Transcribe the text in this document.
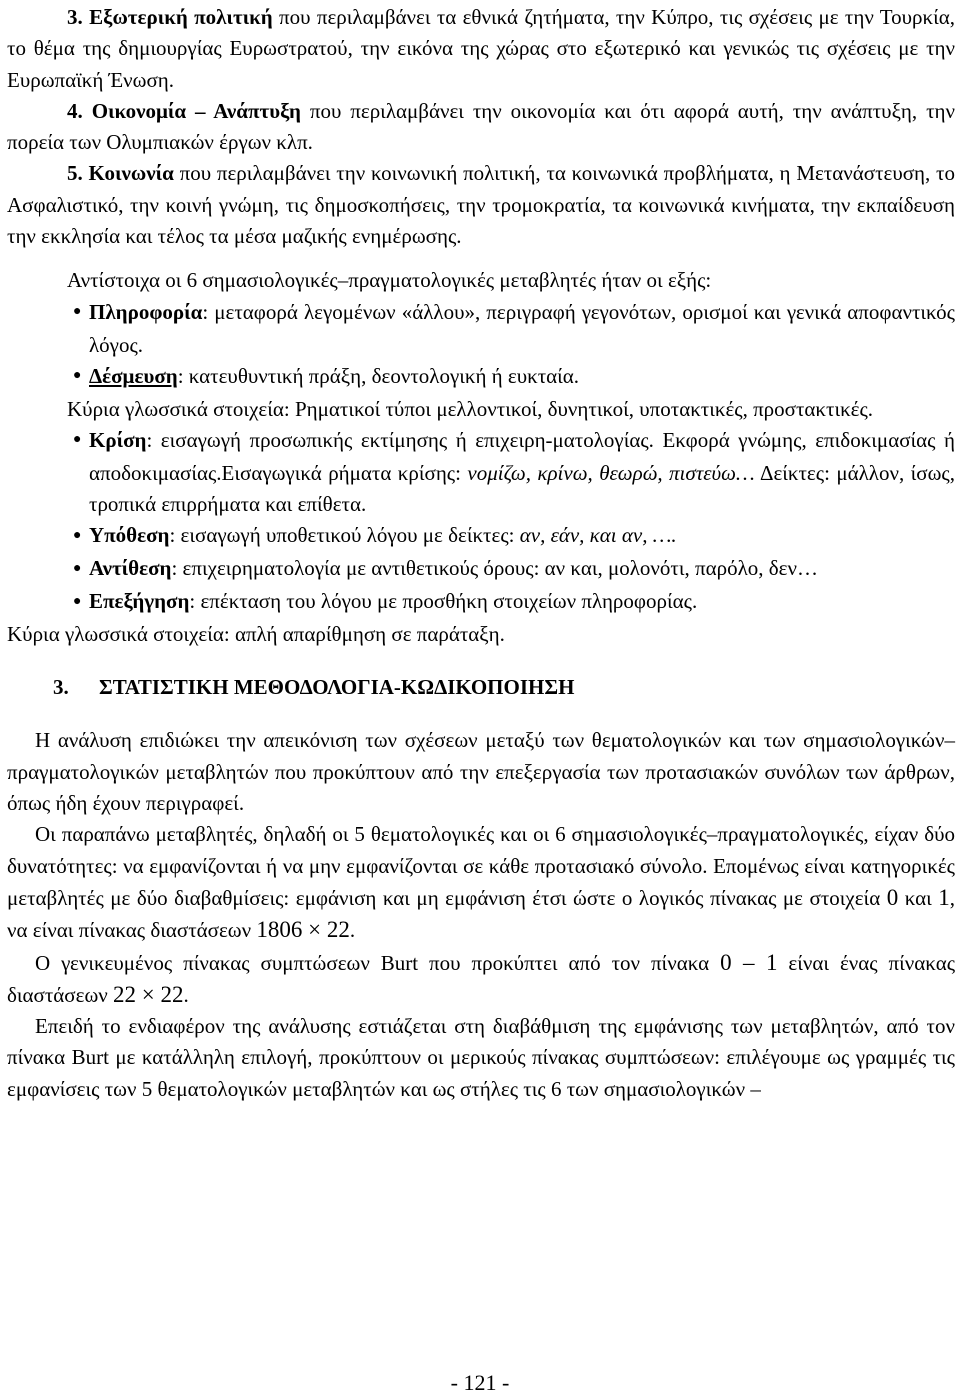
3. Εξωτερική πολιτική που περιλαμβάνει τα εθνικά ζητήματα, την Κύπρο, τις σχέσεις με την Τουρκία, το θέμα της δημιουργίας Ευρωστρατού, την εικόνα της χώρας στο εξωτερικό και γενικώς τις σχέσεις με την Ευρωπαϊκή Ένωση.

4. Οικονομία – Ανάπτυξη που περιλαμβάνει την οικονομία και ότι αφορά αυτή, την ανάπτυξη, την πορεία των Ολυμπιακών έργων κλπ.

5. Κοινωνία που περιλαμβάνει την κοινωνική πολιτική, τα κοινωνικά προβλήματα, η Μετανάστευση, το Ασφαλιστικό, την κοινή γνώμη, τις δημοσκοπήσεις, την τρομοκρατία, τα κοινωνικά κινήματα, την εκπαίδευση την εκκλησία και τέλος τα μέσα μαζικής ενημέρωσης.

Αντίστοιχα οι 6 σημασιολογικές–πραγματολογικές μεταβλητές ήταν οι εξής:

● Πληροφορία: μεταφορά λεγομένων «άλλου», περιγραφή γεγονότων, ορισμοί και γενικά αποφαντικός λόγος.

● Δέσμευση: κατευθυντική πράξη, δεοντολογική ή ευκταία.

Κύρια γλωσσικά στοιχεία: Ρηματικοί τύποι μελλοντικοί, δυνητικοί, υποτακτικές, προστακτικές.

● Κρίση: εισαγωγή προσωπικής εκτίμησης ή επιχειρη-ματολογίας. Εκφορά γνώμης, επιδοκιμασίας ή αποδοκιμασίας.Εισαγωγικά ρήματα κρίσης: νομίζω, κρίνω, θεωρώ, πιστεύω… Δείκτες: μάλλον, ίσως, τροπικά επιρρήματα και επίθετα.

● Υπόθεση: εισαγωγή υποθετικού λόγου με δείκτες: αν, εάν, και αν, ….

● Αντίθεση: επιχειρηματολογία με αντιθετικούς όρους: αν και, μολονότι, παρόλο, δεν…

● Επεξήγηση: επέκταση του λόγου με προσθήκη στοιχείων πληροφορίας.

Κύρια γλωσσικά στοιχεία: απλή απαρίθμηση σε παράταξη.

3. ΣΤΑΤΙΣΤΙΚΗ ΜΕΘΟΔΟΛΟΓΙΑ-ΚΩΔΙΚΟΠΟΙΗΣΗ

Η ανάλυση επιδιώκει την απεικόνιση των σχέσεων μεταξύ των θεματολογικών και των σημασιολογικών–πραγματολογικών μεταβλητών που προκύπτουν από την επεξεργασία των προτασιακών συνόλων των άρθρων, όπως ήδη έχουν περιγραφεί.

Οι παραπάνω μεταβλητές, δηλαδή οι 5 θεματολογικές και οι 6 σημασιολογικές–πραγματολογικές, είχαν δύο δυνατότητες: να εμφανίζονται ή να μην εμφανίζονται σε κάθε προτασιακό σύνολο. Επομένως είναι κατηγορικές μεταβλητές με δύο διαβαθμίσεις: εμφάνιση και μη εμφάνιση έτσι ώστε ο λογικός πίνακας με στοιχεία 0 και 1, να είναι πίνακας διαστάσεων 1806 × 22.

Ο γενικευμένος πίνακας συμπτώσεων Burt που προκύπτει από τον πίνακα 0 – 1 είναι ένας πίνακας διαστάσεων 22 × 22.

Επειδή το ενδιαφέρον της ανάλυσης εστιάζεται στη διαβάθμιση της εμφάνισης των μεταβλητών, από τον πίνακα Burt με κατάλληλη επιλογή, προκύπτουν οι μερικούς πίνακας συμπτώσεων: επιλέγουμε ως γραμμές τις εμφανίσεις των 5 θεματολογικών μεταβλητών και ως στήλες τις 6 των σημασιολογικών –

- 121 -
